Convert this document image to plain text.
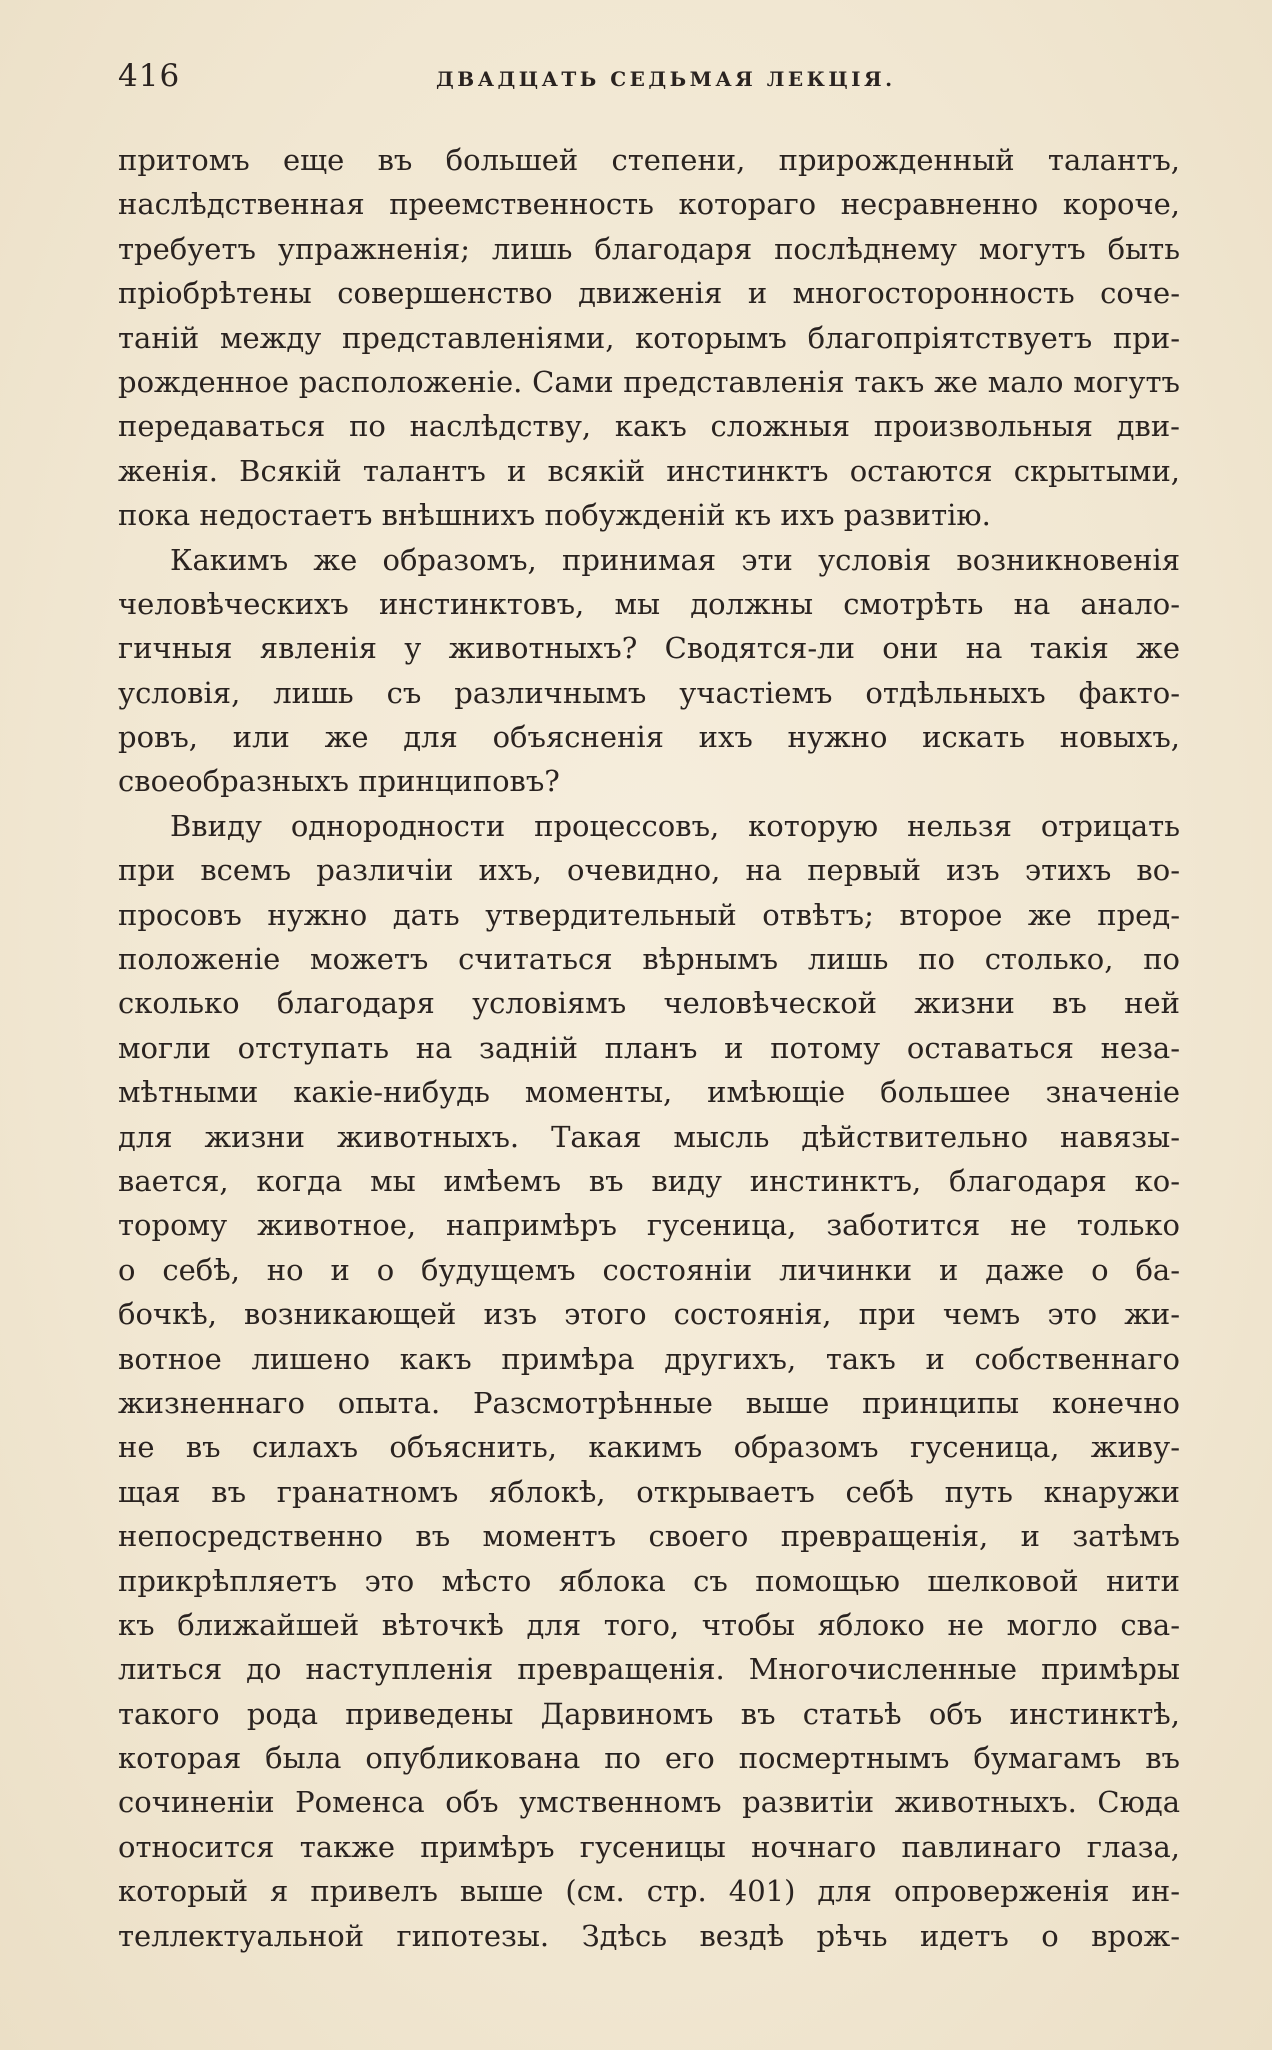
416	ДВАДЦАТЬ СЕДЬМАЯ ЛЕКЦІЯ.
притомъ еще въ большей степени, прирожденный талантъ,
наслѣдственная преемственность котораго несравненно короче,
требуетъ упражненія; лишь благодаря послѣднему могутъ быть
пріобрѣтены совершенство движенія и многосторонность соче-
таній между представленіями, которымъ благопріятствуетъ при-
рожденное расположеніе. Сами представленія такъ же мало могутъ
передаваться по наслѣдству, какъ сложныя произвольныя дви-
женія. Всякій талантъ и всякій инстинктъ остаются скрытыми,
пока недостаетъ внѣшнихъ побужденій къ ихъ развитію.
Какимъ же образомъ, принимая эти условія возникновенія
человѣческихъ инстинктовъ, мы должны смотрѣть на анало-
гичныя явленія у животныхъ? Сводятся-ли они на такія же
условія, лишь съ различнымъ участіемъ отдѣльныхъ факто-
ровъ, или же для объясненія ихъ нужно искать новыхъ,
своеобразныхъ принциповъ?
Ввиду однородности процессовъ, которую нельзя отрицать
при всемъ различіи ихъ, очевидно, на первый изъ этихъ во-
просовъ нужно дать утвердительный отвѣтъ; второе же пред-
положеніе можетъ считаться вѣрнымъ лишь по столько, по
сколько благодаря условіямъ человѣческой жизни въ ней
могли отступать на задній планъ и потому оставаться неза-
мѣтными какіе-нибудь моменты, имѣющіе большее значеніе
для жизни животныхъ. Такая мысль дѣйствительно навязы-
вается, когда мы имѣемъ въ виду инстинктъ, благодаря ко-
торому животное, напримѣръ гусеница, заботится не только
о себѣ, но и о будущемъ состояніи личинки и даже о ба-
бочкѣ, возникающей изъ этого состоянія, при чемъ это жи-
вотное лишено какъ примѣра другихъ, такъ и собственнаго
жизненнаго опыта. Разсмотрѣнные выше принципы конечно
не въ силахъ объяснить, какимъ образомъ гусеница, живу-
щая въ гранатномъ яблокѣ, открываетъ себѣ путь кнаружи
непосредственно въ моментъ своего превращенія, и затѣмъ
прикрѣпляетъ это мѣсто яблока съ помощью шелковой нити
къ ближайшей вѣточкѣ для того, чтобы яблоко не могло сва-
литься до наступленія превращенія. Многочисленные примѣры
такого рода приведены Дарвиномъ въ статьѣ объ инстинктѣ,
которая была опубликована по его посмертнымъ бумагамъ въ
сочиненіи Роменса объ умственномъ развитіи животныхъ. Сюда
относится также примѣръ гусеницы ночнаго павлинаго глаза,
который я привелъ выше (см. стр. 401) для опроверженія ин-
теллектуальной гипотезы. Здѣсь вездѣ рѣчь идетъ о врож-
